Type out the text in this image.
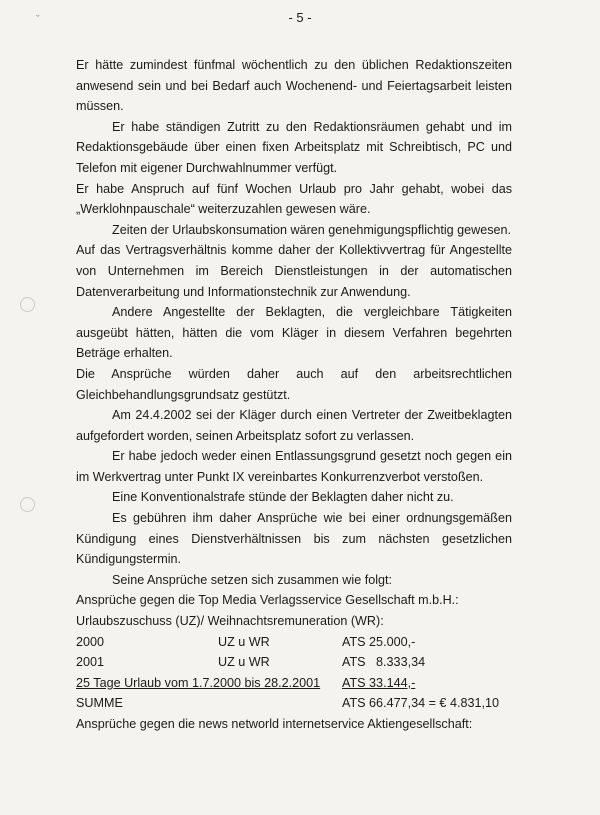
- 5 -
ˇ

Er hätte zumindest fünfmal wöchentlich zu den üblichen Redaktionszeiten anwesend sein und bei Bedarf auch Wochenend- und Feiertagsarbeit leisten müssen.

Er habe ständigen Zutritt zu den Redaktionsräumen gehabt und im Redaktionsgebäude über einen fixen Arbeitsplatz mit Schreibtisch, PC und Telefon mit eigener Durchwahlnummer verfügt.

Er habe Anspruch auf fünf Wochen Urlaub pro Jahr gehabt, wobei das „Werklohnpauschale“ weiterzuzahlen gewesen wäre.

Zeiten der Urlaubskonsumation wären genehmigungspflichtig gewesen.

Auf das Vertragsverhältnis komme daher der Kollektivvertrag für Angestellte von Unternehmen im Bereich Dienstleistungen in der automatischen Datenverarbeitung und Informationstechnik zur Anwendung.

Andere Angestellte der Beklagten, die vergleichbare Tätigkeiten ausgeübt hätten, hätten die vom Kläger in diesem Verfahren begehrten Beträge erhalten.

Die Ansprüche würden daher auch auf den arbeitsrechtlichen Gleichbehandlungsgrundsatz gestützt.

Am 24.4.2002 sei der Kläger durch einen Vertreter der Zweitbeklagten aufgefordert worden, seinen Arbeitsplatz sofort zu verlassen.

Er habe jedoch weder einen Entlassungsgrund gesetzt noch gegen ein im Werkvertrag unter Punkt IX vereinbartes Konkurrenzverbot verstoßen.

Eine Konventionalstrafe stünde der Beklagten daher nicht zu.

Es gebühren ihm daher Ansprüche wie bei einer ordnungsgemäßen Kündigung eines Dienstverhältnissen bis zum nächsten gesetzlichen Kündigungstermin.

Seine Ansprüche setzen sich zusammen wie folgt:

Ansprüche gegen die Top Media Verlagsservice Gesellschaft m.b.H.:

Urlaubszuschuss (UZ)/ Weihnachtsremuneration (WR):

2000	UZ u WR	ATS 25.000,-
2001	UZ u WR	ATS   8.333,34
25 Tage Urlaub vom 1.7.2000 bis 28.2.2001		ATS 33.144,-
SUMME		ATS 66.477,34 = € 4.831,10

Ansprüche gegen die news networld internetservice Aktiengesellschaft:
